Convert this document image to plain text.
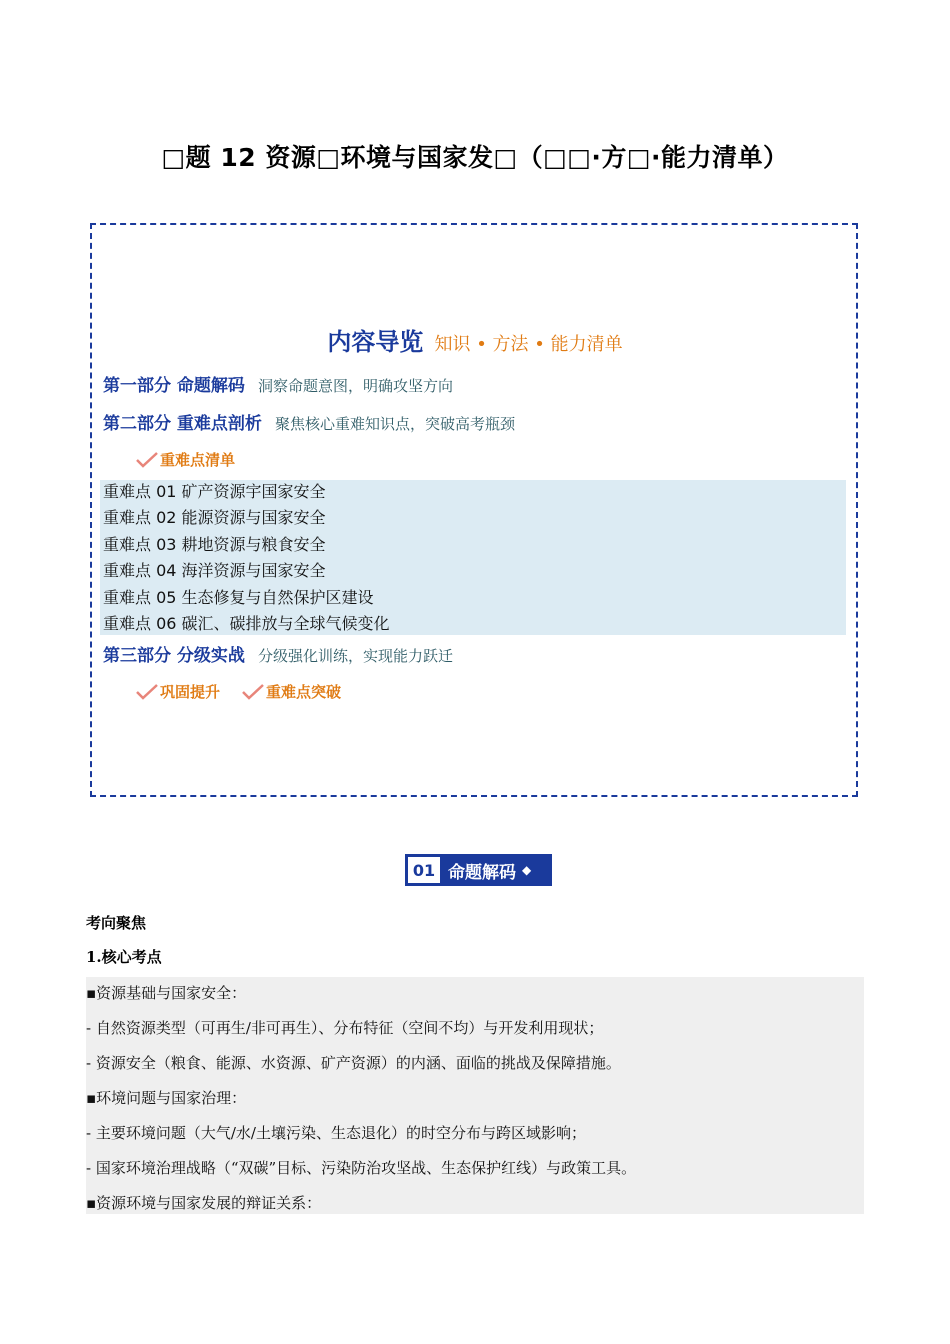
□题 12 资源□环境与国家发□（□□·方□·能力清单）
内容导览 知识 • 方法 • 能力清单
第一部分 命题解码 洞察命题意图，明确攻坚方向
第二部分 重难点剖析 聚焦核心重难知识点，突破高考瓶颈
重难点清单
重难点 01 矿产资源宇国家安全
重难点 02 能源资源与国家安全
重难点 03 耕地资源与粮食安全
重难点 04 海洋资源与国家安全
重难点 05 生态修复与自然保护区建设
重难点 06 碳汇、碳排放与全球气候变化
第三部分 分级实战 分级强化训练，实现能力跃迁
巩固提升	重难点突破
01 命题解码 ◆
考向聚焦
1.核心考点
▪资源基础与国家安全：
- 自然资源类型（可再生/非可再生）、分布特征（空间不均）与开发利用现状；
- 资源安全（粮食、能源、水资源、矿产资源）的内涵、面临的挑战及保障措施。
▪环境问题与国家治理：
- 主要环境问题（大气/水/土壤污染、生态退化）的时空分布与跨区域影响；
- 国家环境治理战略（“双碳”目标、污染防治攻坚战、生态保护红线）与政策工具。
▪资源环境与国家发展的辩证关系：
